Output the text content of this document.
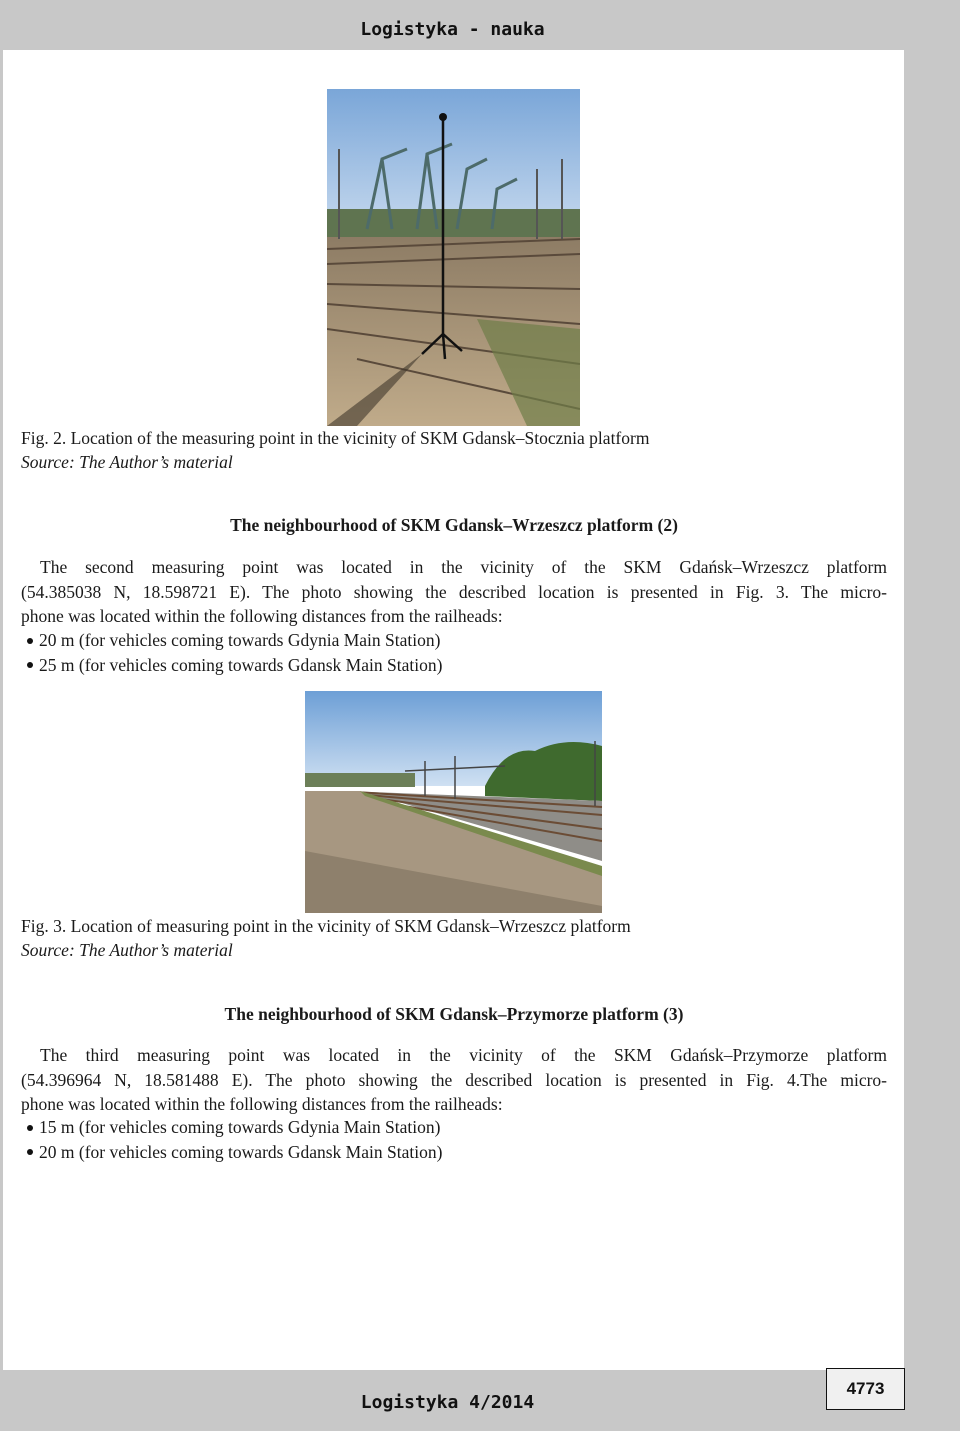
Logistyka - nauka
Fig. 2. Location of the measuring point in the vicinity of SKM Gdansk–Stocznia platform
Source: The Author’s material
The neighbourhood of SKM Gdansk–Wrzeszcz platform (2)
The second measuring point was located in the vicinity of the SKM Gdańsk–Wrzeszcz platform
(54.385038 N, 18.598721 E). The photo showing the described location is presented in Fig. 3. The micro-
phone was located within the following distances from the railheads:
20 m (for vehicles coming towards Gdynia Main Station)
25 m (for vehicles coming towards Gdansk Main Station)
Fig. 3. Location of measuring point in the vicinity of SKM Gdansk–Wrzeszcz platform
Source: The Author’s material
The neighbourhood of SKM Gdansk–Przymorze platform (3)
The third measuring point was located in the vicinity of the SKM Gdańsk–Przymorze platform
(54.396964 N, 18.581488 E). The photo showing the described location is presented in Fig. 4.The micro-
phone was located within the following distances from the railheads:
15 m (for vehicles coming towards Gdynia Main Station)
20 m (for vehicles coming towards Gdansk Main Station)
Logistyka 4/2014
4773
